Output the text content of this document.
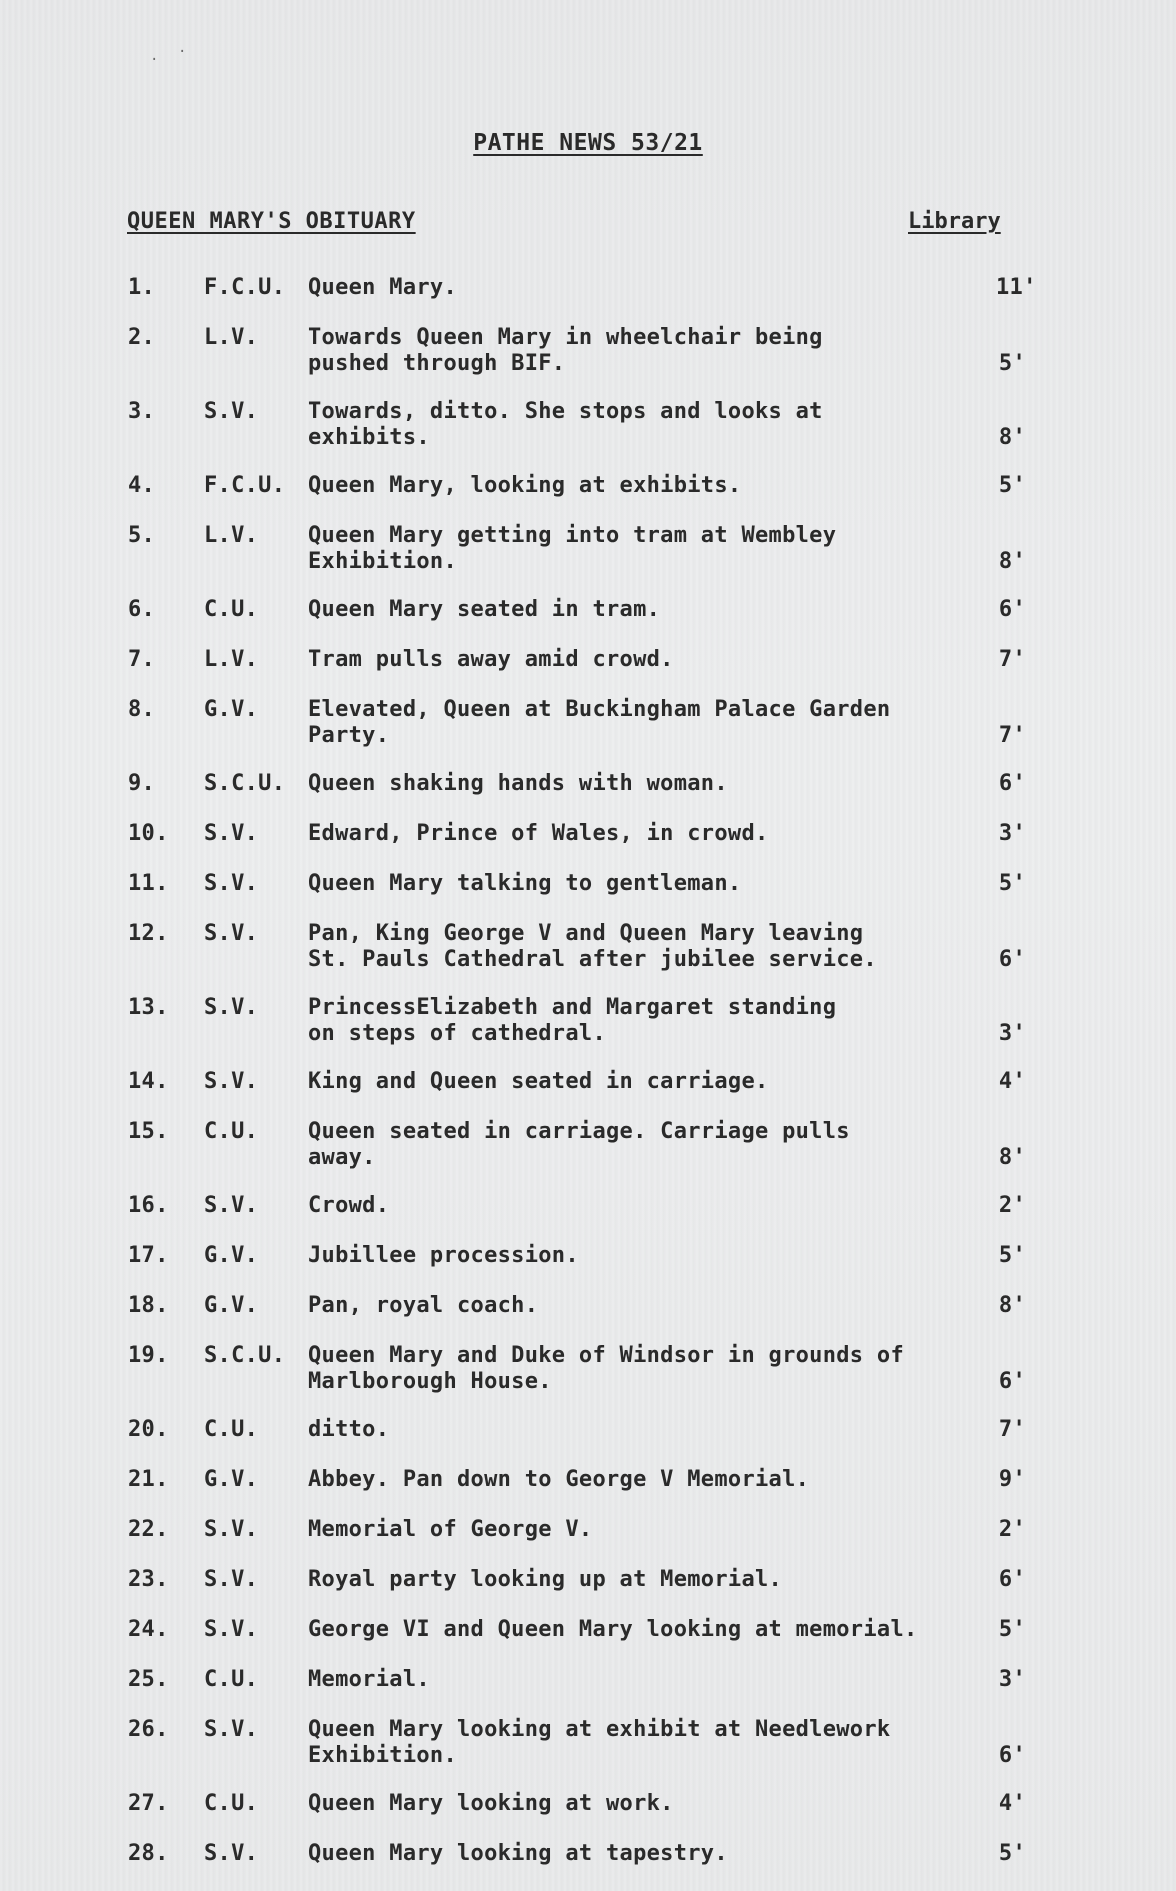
· ·
PATHE NEWS 53/21
QUEEN MARY'S OBITUARY	Library
1. F.C.U. Queen Mary.	11'
2. L.V. Towards Queen Mary in wheelchair being
pushed through BIF.	5'
3. S.V. Towards, ditto. She stops and looks at
exhibits.	8'
4. F.C.U. Queen Mary, looking at exhibits.	5'
5. L.V. Queen Mary getting into tram at Wembley
Exhibition.	8'
6. C.U. Queen Mary seated in tram.	6'
7. L.V. Tram pulls away amid crowd.	7'
8. G.V. Elevated, Queen at Buckingham Palace Garden
Party.	7'
9. S.C.U. Queen shaking hands with woman.	6'
10. S.V. Edward, Prince of Wales, in crowd.	3'
11. S.V. Queen Mary talking to gentleman.	5'
12. S.V. Pan, King George V and Queen Mary leaving
St. Pauls Cathedral after jubilee service.	6'
13. S.V. PrincessElizabeth and Margaret standing
on steps of cathedral.	3'
14. S.V. King and Queen seated in carriage.	4'
15. C.U. Queen seated in carriage. Carriage pulls
away.	8'
16. S.V. Crowd.	2'
17. G.V. Jubillee procession.	5'
18. G.V. Pan, royal coach.	8'
19. S.C.U. Queen Mary and Duke of Windsor in grounds of
Marlborough House.	6'
20. C.U. ditto.	7'
21. G.V. Abbey. Pan down to George V Memorial.	9'
22. S.V. Memorial of George V.	2'
23. S.V. Royal party looking up at Memorial.	6'
24. S.V. George VI and Queen Mary looking at memorial.	5'
25. C.U. Memorial.	3'
26. S.V. Queen Mary looking at exhibit at Needlework
Exhibition.	6'
27. C.U. Queen Mary looking at work.	4'
28. S.V. Queen Mary looking at tapestry.	5'
